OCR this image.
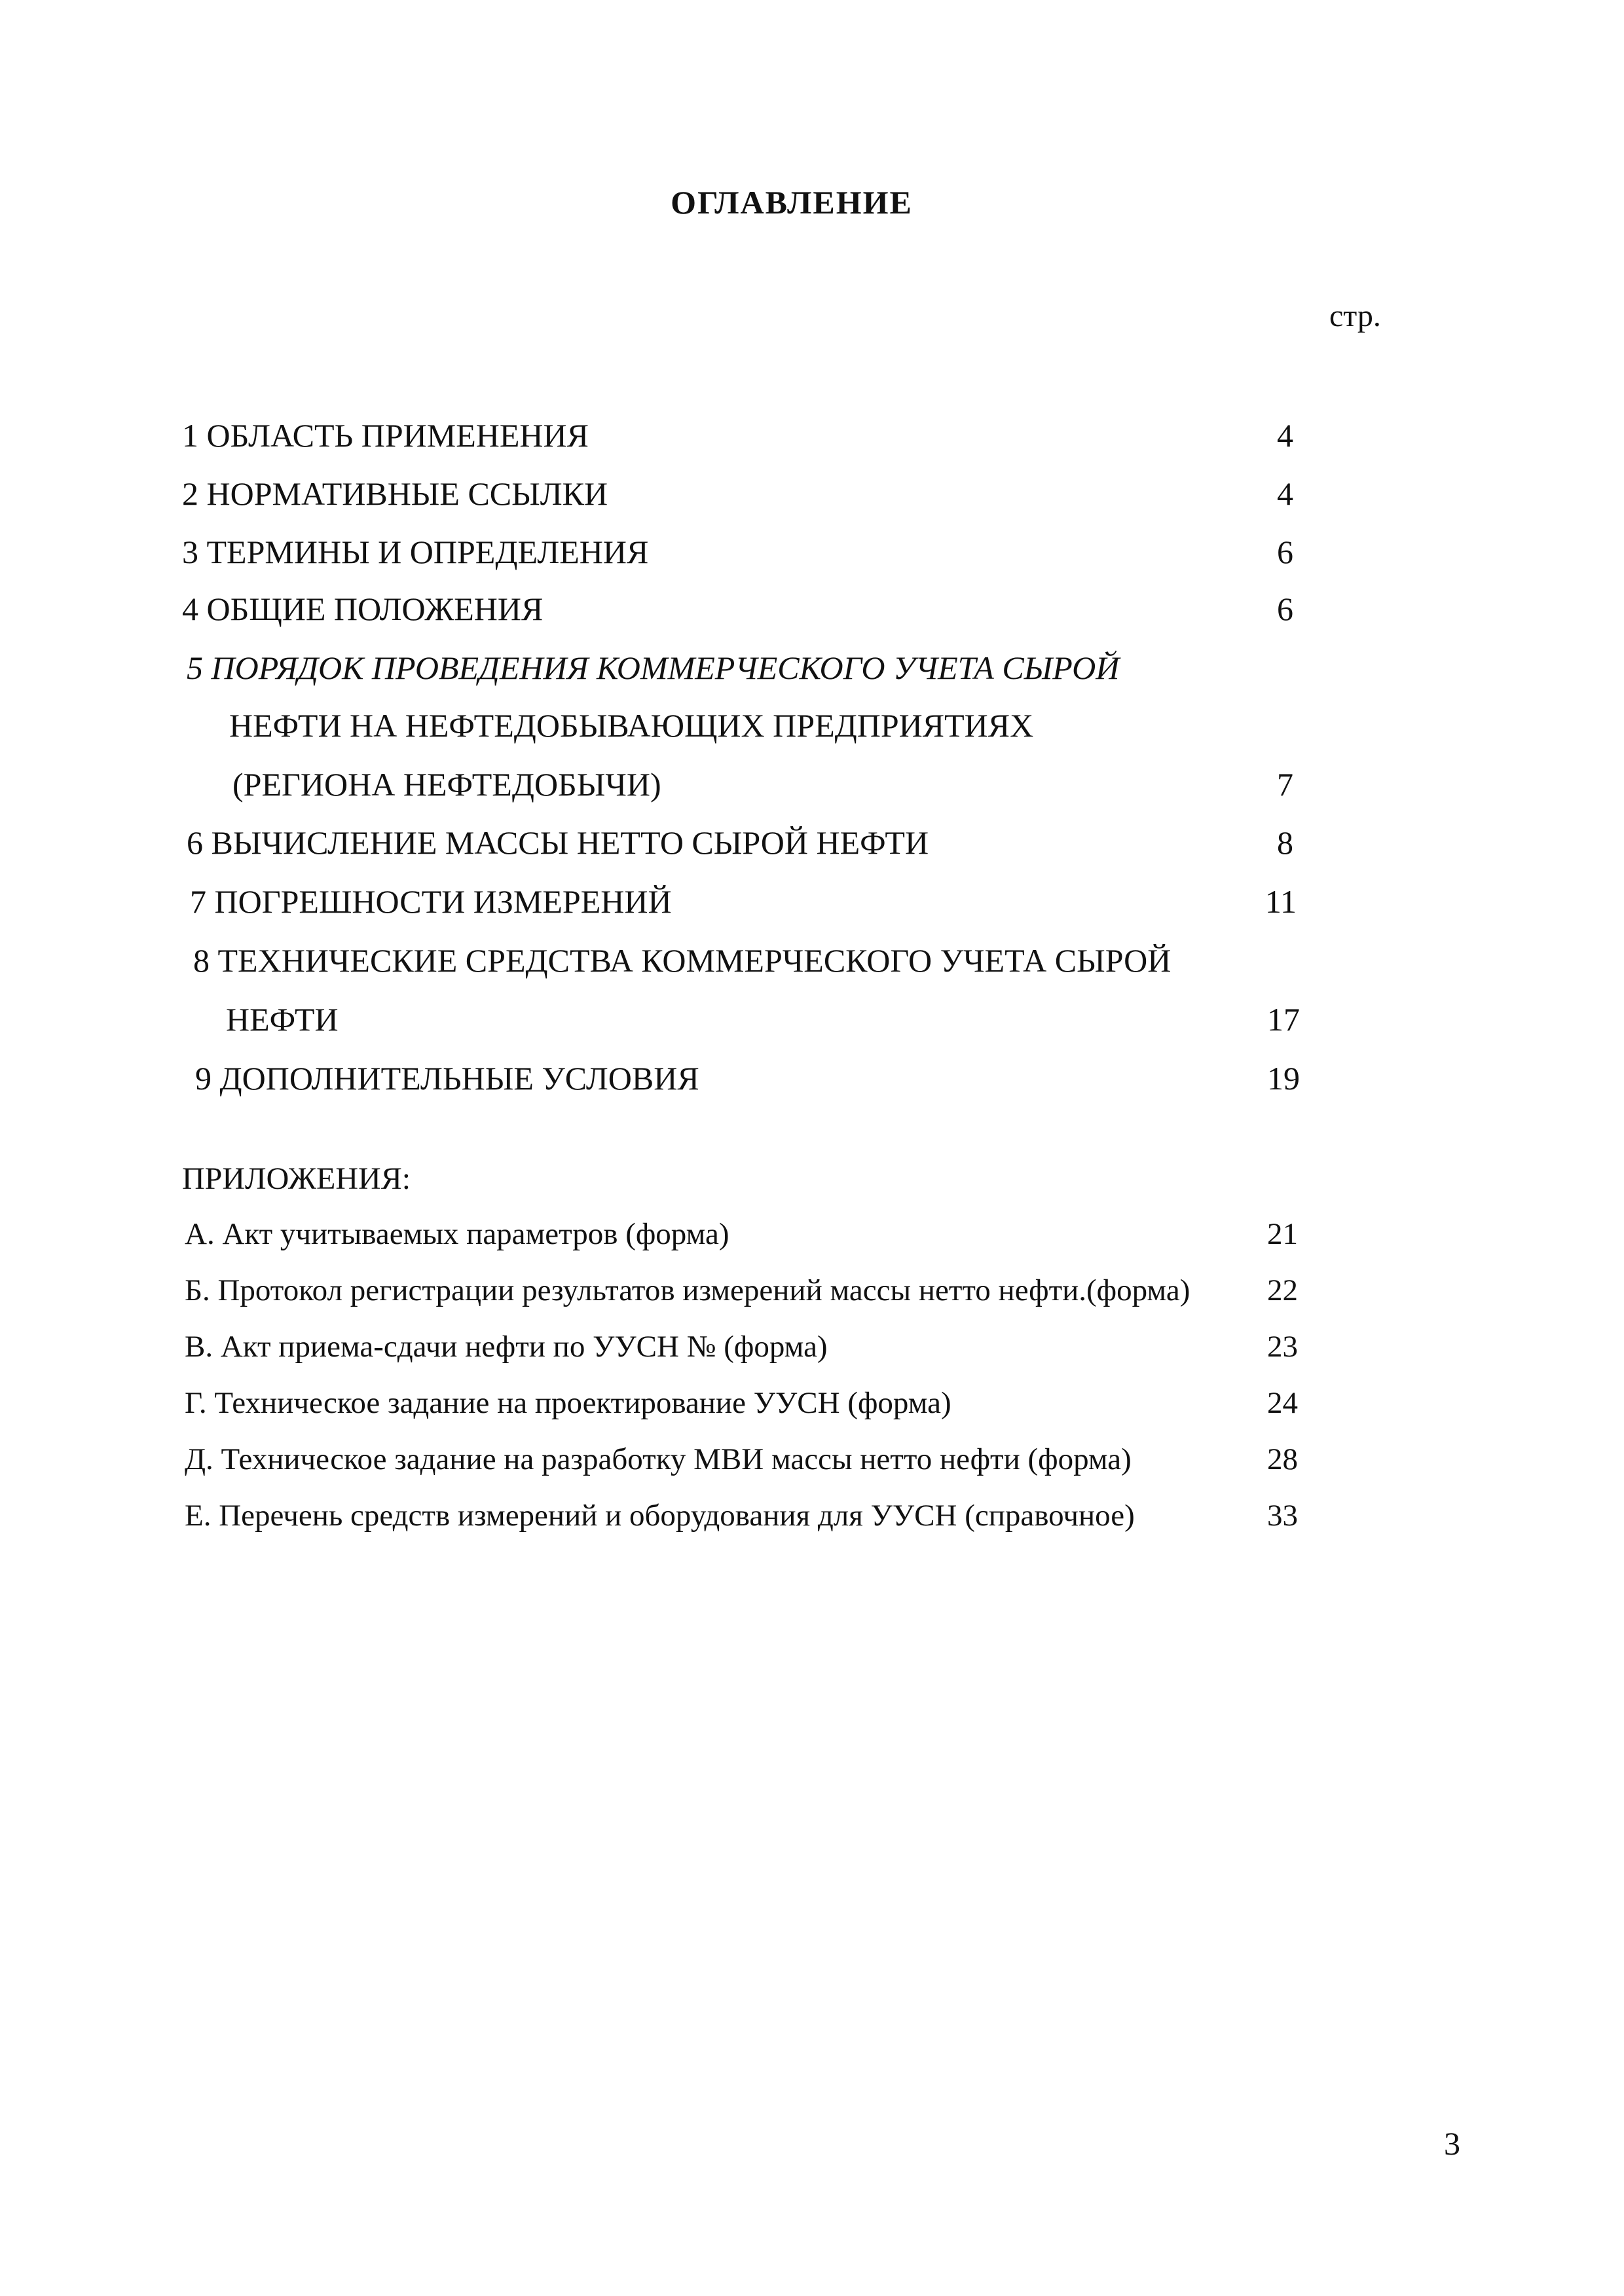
ОГЛАВЛЕНИЕ
стр.
1 ОБЛАСТЬ ПРИМЕНЕНИЯ	4
2 НОРМАТИВНЫЕ ССЫЛКИ	4
3 ТЕРМИНЫ И ОПРЕДЕЛЕНИЯ	6
4 ОБЩИЕ ПОЛОЖЕНИЯ	6
5 ПОРЯДОК ПРОВЕДЕНИЯ КОММЕРЧЕСКОГО УЧЕТА СЫРОЙ
НЕФТИ НА НЕФТЕДОБЫВАЮЩИХ ПРЕДПРИЯТИЯХ
(РЕГИОНА НЕФТЕДОБЫЧИ)	7
6 ВЫЧИСЛЕНИЕ МАССЫ НЕТТО СЫРОЙ НЕФТИ	8
7 ПОГРЕШНОСТИ ИЗМЕРЕНИЙ	11
8 ТЕХНИЧЕСКИЕ СРЕДСТВА КОММЕРЧЕСКОГО УЧЕТА СЫРОЙ
НЕФТИ	17
9 ДОПОЛНИТЕЛЬНЫЕ УСЛОВИЯ	19
ПРИЛОЖЕНИЯ:
А. Акт учитываемых параметров (форма)	21
Б. Протокол регистрации результатов измерений массы нетто нефти.(форма)	22
В. Акт приема-сдачи нефти по УУСН № (форма)	23
Г. Техническое задание на проектирование УУСН (форма)	24
Д. Техническое задание на разработку МВИ массы нетто нефти (форма)	28
Е. Перечень средств измерений и оборудования для УУСН (справочное)	33
3
